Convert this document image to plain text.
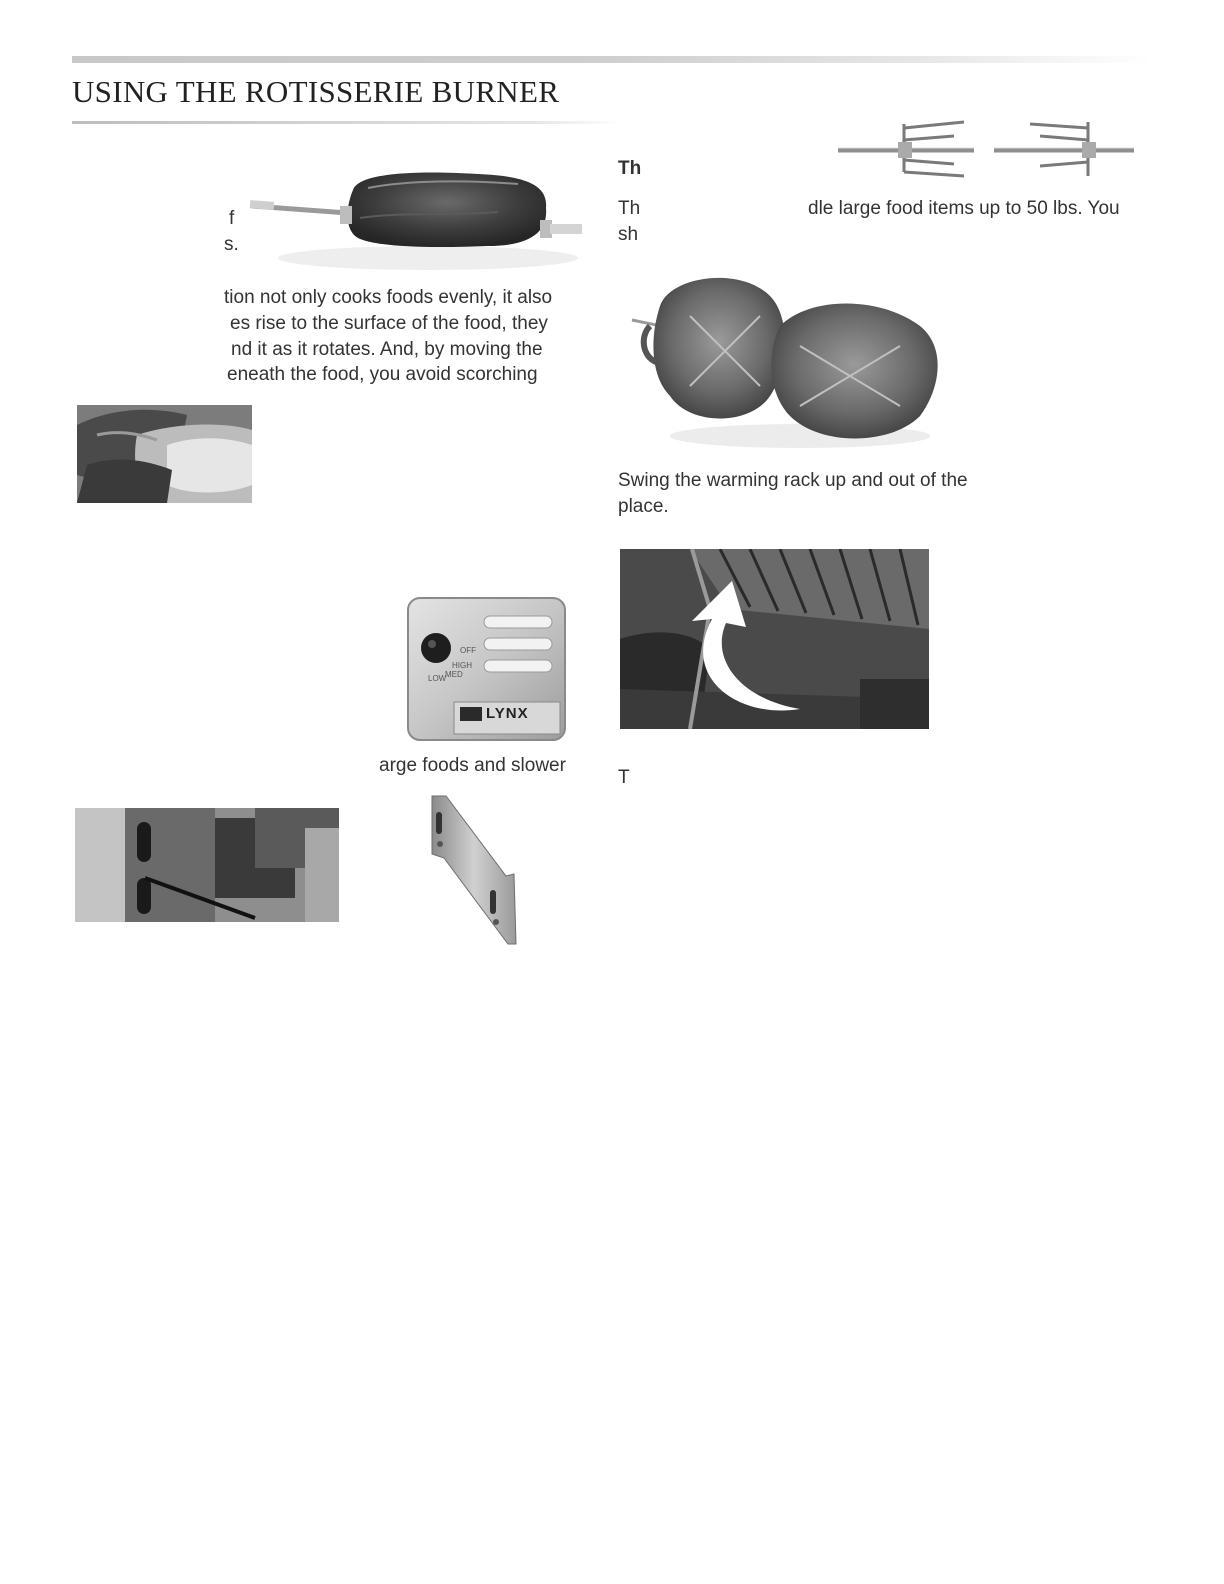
USING THE ROTISSERIE BURNER
f
s.
tion not only cooks foods evenly, it also
es rise to the surface of the food, they
nd it as it rotates. And, by moving the
eneath the food, you avoid scorching
OFF
HIGH
MED
LOW
LYNX
arge foods and slower
Th
Th	dle large food items up to 50 lbs. You
sh
Swing the warming rack up and out of the
place.
T
